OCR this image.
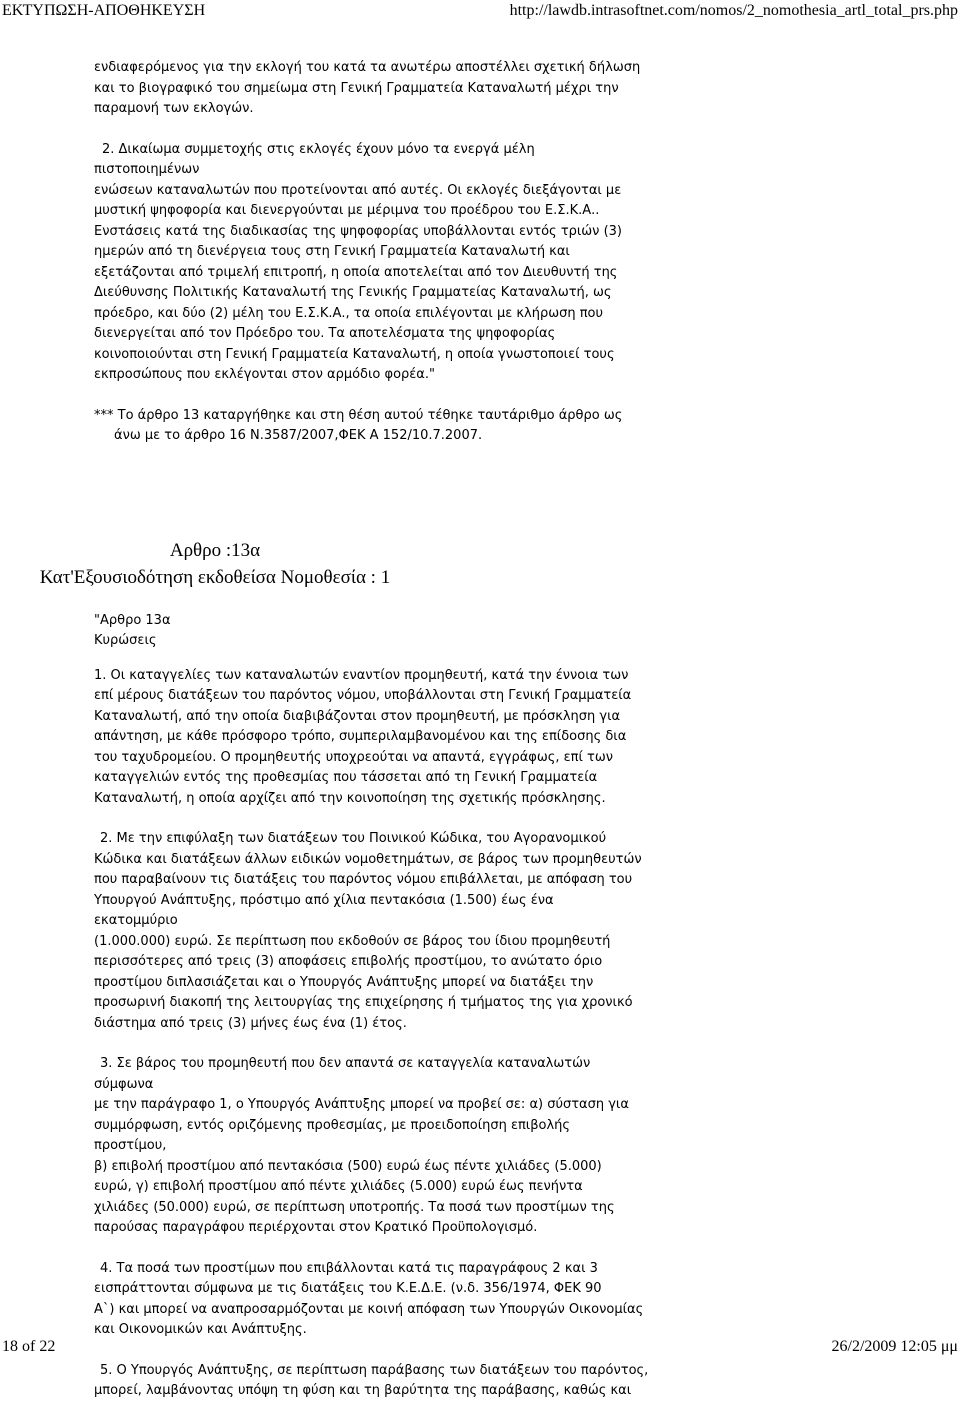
ΕΚΤΥΠΩΣΗ-ΑΠΟΘΗΚΕΥΣΗ	http://lawdb.intrasoftnet.com/nomos/2_nomothesia_artl_total_prs.php

ενδιαφερόμενος για την εκλογή του κατά τα ανωτέρω αποστέλλει σχετική δήλωση

και το βιογραφικό του σημείωμα στη Γενική Γραμματεία Καταναλωτή μέχρι την

παραμονή των εκλογών.

2. Δικαίωμα συμμετοχής στις εκλογές έχουν μόνο τα ενεργά μέλη

πιστοποιημένων

ενώσεων καταναλωτών που προτείνονται από αυτές. Οι εκλογές διεξάγονται με

μυστική ψηφοφορία και διενεργούνται με μέριμνα του προέδρου του Ε.Σ.Κ.Α..

Ενστάσεις κατά της διαδικασίας της ψηφοφορίας υποβάλλονται εντός τριών (3)

ημερών από τη διενέργεια τους στη Γενική Γραμματεία Καταναλωτή και

εξετάζονται από τριμελή επιτροπή, η οποία αποτελείται από τον Διευθυντή της

Διεύθυνσης Πολιτικής Καταναλωτή της Γενικής Γραμματείας Καταναλωτή, ως

πρόεδρο, και δύο (2) μέλη του Ε.Σ.Κ.Α., τα οποία επιλέγονται με κλήρωση που

διενεργείται από τον Πρόεδρο του. Τα αποτελέσματα της ψηφοφορίας

κοινοποιούνται στη Γενική Γραμματεία Καταναλωτή, η οποία γνωστοποιεί τους

εκπροσώπους που εκλέγονται στον αρμόδιο φορέα."

*** Το άρθρο 13 καταργήθηκε και στη θέση αυτού τέθηκε ταυτάριθμο άρθρο ως

άνω με το άρθρο 16 Ν.3587/2007,ΦΕΚ Α 152/10.7.2007.

Αρθρο :13α
Κατ'Εξουσιοδότηση εκδοθείσα Νομοθεσία : 1

"Αρθρο 13α

Κυρώσεις

1. Οι καταγγελίες των καταναλωτών εναντίον προμηθευτή, κατά την έννοια των

επί μέρους διατάξεων του παρόντος νόμου, υποβάλλονται στη Γενική Γραμματεία

Καταναλωτή, από την οποία διαβιβάζονται στον προμηθευτή, με πρόσκληση για

απάντηση, με κάθε πρόσφορο τρόπο, συμπεριλαμβανομένου και της επίδοσης δια

του ταχυδρομείου. Ο προμηθευτής υποχρεούται να απαντά, εγγράφως, επί των

καταγγελιών εντός της προθεσμίας που τάσσεται από τη Γενική Γραμματεία

Καταναλωτή, η οποία αρχίζει από την κοινοποίηση της σχετικής πρόσκλησης.

2. Με την επιφύλαξη των διατάξεων του Ποινικού Κώδικα, του Αγορανομικού

Κώδικα και διατάξεων άλλων ειδικών νομοθετημάτων, σε βάρος των προμηθευτών

που παραβαίνουν τις διατάξεις του παρόντος νόμου επιβάλλεται, με απόφαση του

Υπουργού Ανάπτυξης, πρόστιμο από χίλια πεντακόσια (1.500) έως ένα

εκατομμύριο

(1.000.000) ευρώ. Σε περίπτωση που εκδοθούν σε βάρος του ίδιου προμηθευτή

περισσότερες από τρεις (3) αποφάσεις επιβολής προστίμου, το ανώτατο όριο

προστίμου διπλασιάζεται και ο Υπουργός Ανάπτυξης μπορεί να διατάξει την

προσωρινή διακοπή της λειτουργίας της επιχείρησης ή τμήματος της για χρονικό

διάστημα από τρεις (3) μήνες έως ένα (1) έτος.

3. Σε βάρος του προμηθευτή που δεν απαντά σε καταγγελία καταναλωτών

σύμφωνα

με την παράγραφο 1, ο Υπουργός Ανάπτυξης μπορεί να προβεί σε: α) σύσταση για

συμμόρφωση, εντός οριζόμενης προθεσμίας, με προειδοποίηση επιβολής

προστίμου,

β) επιβολή προστίμου από πεντακόσια (500) ευρώ έως πέντε χιλιάδες (5.000)

ευρώ, γ) επιβολή προστίμου από πέντε χιλιάδες (5.000) ευρώ έως πενήντα

χιλιάδες (50.000) ευρώ, σε περίπτωση υποτροπής. Τα ποσά των προστίμων της

παρούσας παραγράφου περιέρχονται στον Κρατικό Προϋπολογισμό.

4. Τα ποσά των προστίμων που επιβάλλονται κατά τις παραγράφους 2 και 3

εισπράττονται σύμφωνα με τις διατάξεις του Κ.Ε.Δ.Ε. (ν.δ. 356/1974, ΦΕΚ 90

Α`) και μπορεί να αναπροσαρμόζονται με κοινή απόφαση των Υπουργών Οικονομίας

και Οικονομικών και Ανάπτυξης.

5. Ο Υπουργός Ανάπτυξης, σε περίπτωση παράβασης των διατάξεων του παρόντος,

μπορεί, λαμβάνοντας υπόψη τη φύση και τη βαρύτητα της παράβασης, καθώς και

18 of 22	26/2/2009 12:05 μμ
